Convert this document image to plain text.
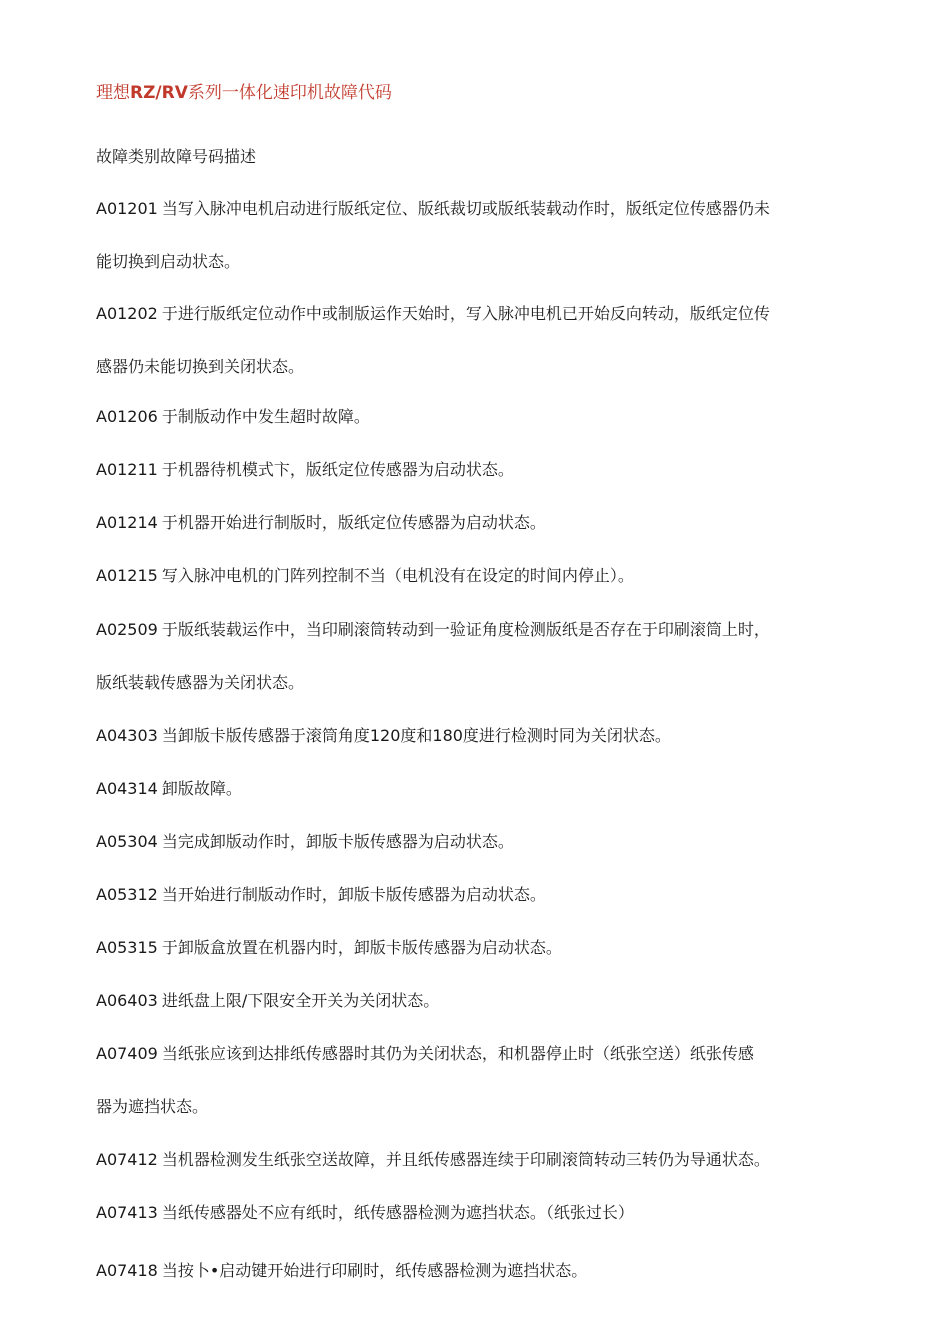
理想RZ/RV系列一体化速印机故障代码
故障类别故障号码描述
A01201 当写入脉冲电机启动进行版纸定位、版纸裁切或版纸装载动作时，版纸定位传感器仍未
能切换到启动状态。
A01202 于进行版纸定位动作中或制版运作天始时，写入脉冲电机已开始反向转动，版纸定位传
感器仍未能切换到关闭状态。
A01206 于制版动作中发生超时故障。
A01211 于机器待机模式卞，版纸定位传感器为启动状态。
A01214 于机器开始进行制版时，版纸定位传感器为启动状态。
A01215 写入脉冲电机的门阵列控制不当（电机没有在设定的时间内停止）。
A02509 于版纸装载运作中，当印刷滚筒转动到一验证角度检测版纸是否存在于印刷滚筒上时，
版纸装载传感器为关闭状态。
A04303 当卸版卡版传感器于滚筒角度120度和180度进行检测时同为关闭状态。
A04314 卸版故障。
A05304 当完成卸版动作时，卸版卡版传感器为启动状态。
A05312 当开始进行制版动作时，卸版卡版传感器为启动状态。
A05315 于卸版盒放置在机器内时，卸版卡版传感器为启动状态。
A06403 进纸盘上限/下限安全开关为关闭状态。
A07409 当纸张应该到达排纸传感器时其仍为关闭状态，和机器停止时（纸张空送）纸张传感
器为遮挡状态。
A07412 当机器检测发生纸张空送故障，并且纸传感器连续于印刷滚筒转动三转仍为导通状态。
A07413 当纸传感器处不应有纸时，纸传感器检测为遮挡状态。（纸张过长）
A07418 当按卜•启动键开始进行印刷时，纸传感器检测为遮挡状态。
